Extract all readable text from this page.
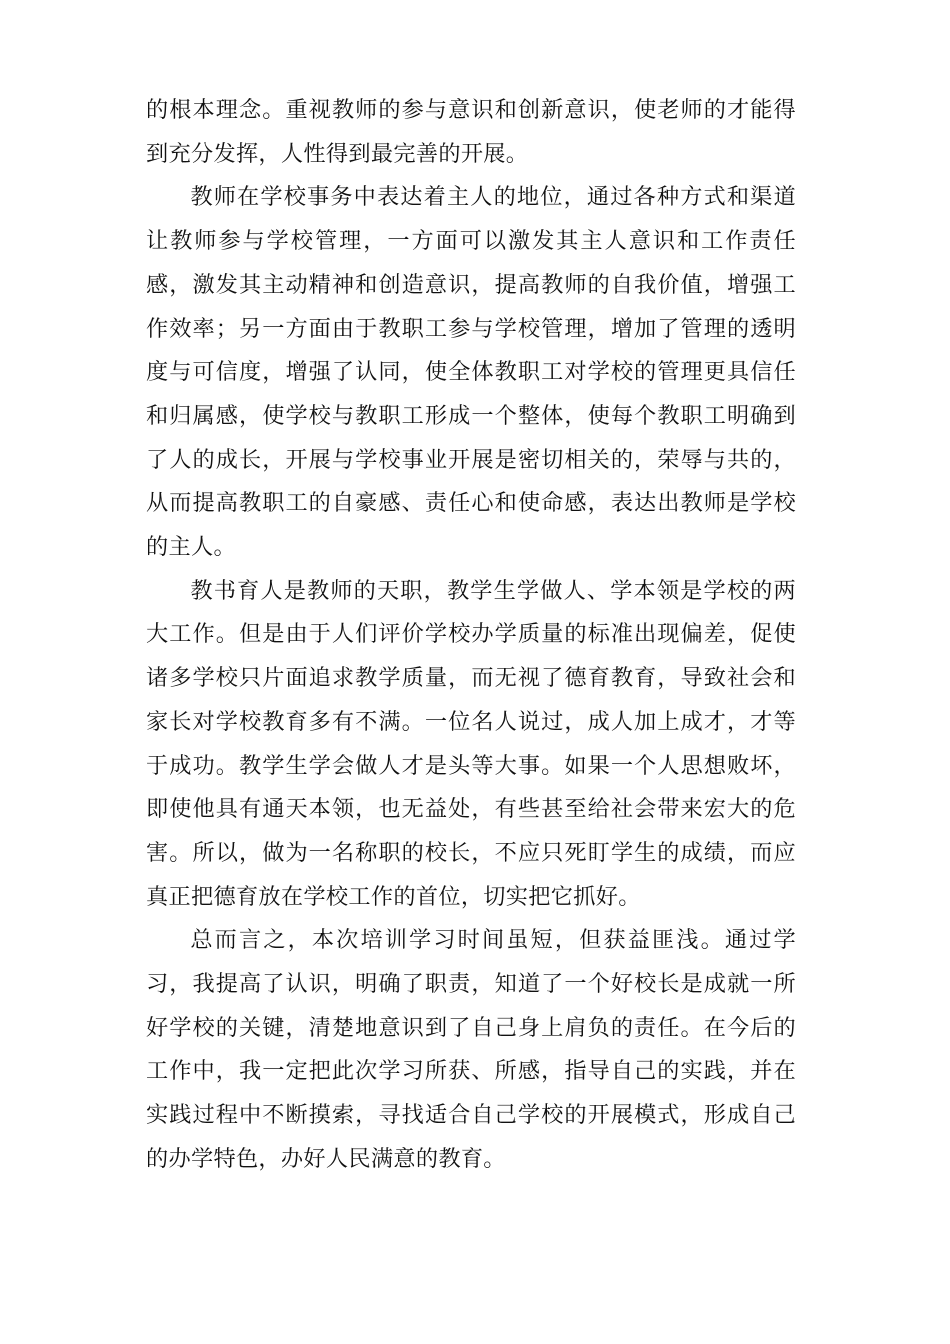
的根本理念。重视教师的参与意识和创新意识，使老师的才能得到充分发挥，人性得到最完善的开展。

教师在学校事务中表达着主人的地位，通过各种方式和渠道让教师参与学校管理，一方面可以激发其主人意识和工作责任感，激发其主动精神和创造意识，提高教师的自我价值，增强工作效率；另一方面由于教职工参与学校管理，增加了管理的透明度与可信度，增强了认同，使全体教职工对学校的管理更具信任和归属感，使学校与教职工形成一个整体，使每个教职工明确到了人的成长，开展与学校事业开展是密切相关的，荣辱与共的，从而提高教职工的自豪感、责任心和使命感，表达出教师是学校的主人。

教书育人是教师的天职，教学生学做人、学本领是学校的两大工作。但是由于人们评价学校办学质量的标准出现偏差，促使诸多学校只片面追求教学质量，而无视了德育教育，导致社会和家长对学校教育多有不满。一位名人说过，成人加上成才，才等于成功。教学生学会做人才是头等大事。如果一个人思想败坏，即使他具有通天本领，也无益处，有些甚至给社会带来宏大的危害。所以，做为一名称职的校长，不应只死盯学生的成绩，而应真正把德育放在学校工作的首位，切实把它抓好。

总而言之，本次培训学习时间虽短，但获益匪浅。通过学习，我提高了认识，明确了职责，知道了一个好校长是成就一所好学校的关键，清楚地意识到了自己身上肩负的责任。在今后的工作中，我一定把此次学习所获、所感，指导自己的实践，并在实践过程中不断摸索，寻找适合自己学校的开展模式，形成自己的办学特色，办好人民满意的教育。
